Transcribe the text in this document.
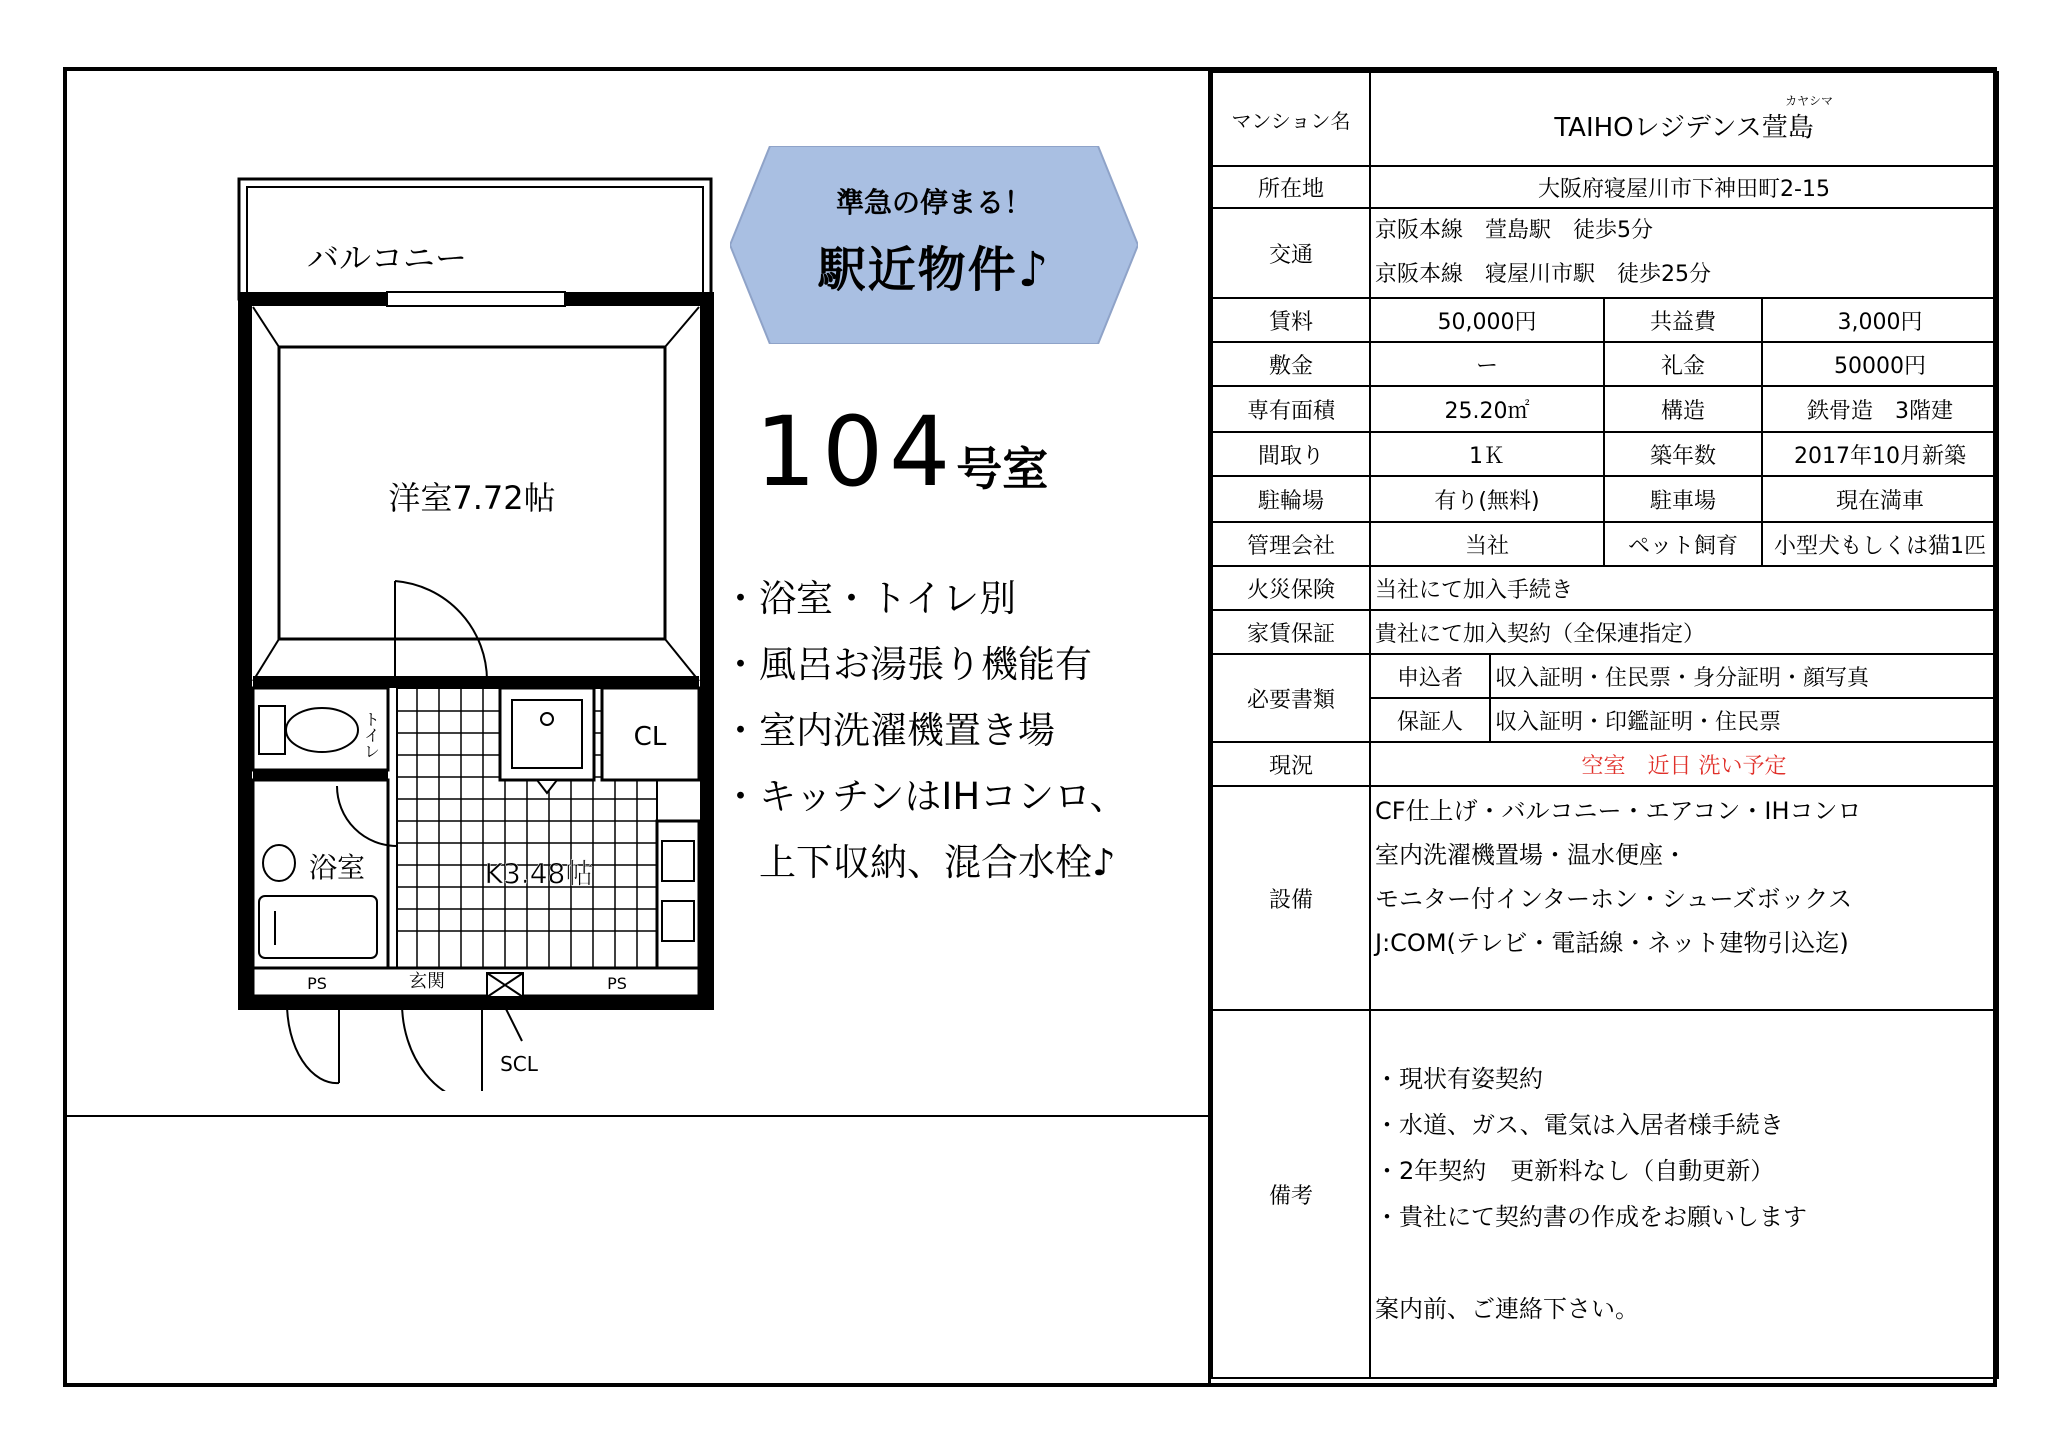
バルコニー
洋室7.72帖
トイレ
浴室
CL
K3.48帖
PS	玄関	PS
SCL
準急の停まる！
駅近物件♪
104号室
・浴室・トイレ別
・風呂お湯張り機能有
・室内洗濯機置き場
・キッチンはIHコンロ、
　上下収納、混合水栓♪
マンション名	カヤシマ
TAIHOレジデンス萱島			
所在地	大阪府寝屋川市下神田町2-15			
交通	京阪本線　萱島駅　徒歩5分
京阪本線　寝屋川市駅　徒歩25分			

賃料	50,000円		共益費	3,000円
敷金	ー		礼金	50000円
専有面積	25.20㎡		構造	鉄骨造　3階建
間取り	1Ｋ		築年数	2017年10月新築
駐輪場	有り(無料)		駐車場	現在満車
管理会社	当社		ペット飼育	小型犬もしくは猫1匹
火災保険	当社にて加入手続き			
家賃保証	貴社にて加入契約（全保連指定）			
必要書類	申込者	収入証明・住民票・身分証明・顔写真		
	保証人	収入証明・印鑑証明・住民票		
現況	空室　近日 洗い予定			
設備	CF仕上げ・バルコニー・エアコン・IHコンロ
室内洗濯機置場・温水便座・
モニター付インターホン・シューズボックス
J:COM(テレビ・電話線・ネット建物引込迄)			

備考	・現状有姿契約
・水道、ガス、電気は入居者様手続き
・2年契約　更新料なし（自動更新）
・貴社にて契約書の作成をお願いします

案内前、ご連絡下さい。			
